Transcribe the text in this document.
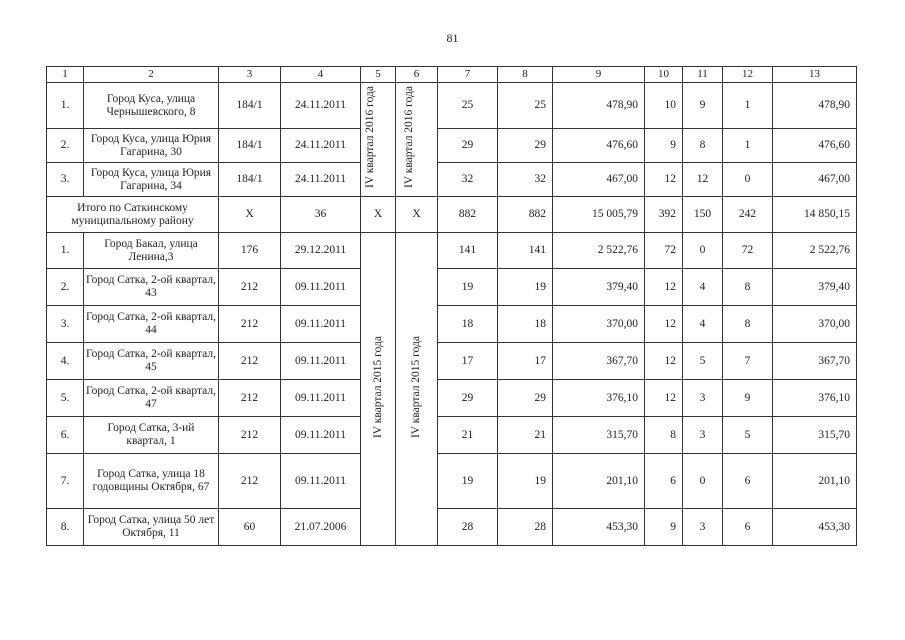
81
1	2	3	4	5	6	7	8	9	10	11	12	13
1.	Город Куса, улица Чернышевского, 8	184/1	24.11.2011	IV квартал 2016 года	IV квартал 2016 года	25	25	478,90	10	9	1	478,90
2.	Город Куса, улица Юрия Гагарина, 30	184/1	24.11.2011			29	29	476,60	9	8	1	476,60
3.	Город Куса, улица Юрия Гагарина, 34	184/1	24.11.2011			32	32	467,00	12	12	0	467,00
Итого по Саткинскому муниципальному району		Х	36	Х	Х	882	882	15 005,79	392	150	242	14 850,15
1.	Город Бакал, улица Ленина,3	176	29.12.2011	IV квартал 2015 года	IV квартал 2015 года	141	141	2 522,76	72	0	72	2 522,76
2.	Город Сатка, 2-ой квартал, 43	212	09.11.2011			19	19	379,40	12	4	8	379,40
3.	Город Сатка, 2-ой квартал, 44	212	09.11.2011			18	18	370,00	12	4	8	370,00
4.	Город Сатка, 2-ой квартал, 45	212	09.11.2011			17	17	367,70	12	5	7	367,70
5.	Город Сатка, 2-ой квартал, 47	212	09.11.2011			29	29	376,10	12	3	9	376,10
6.	Город Сатка, 3-ий квартал, 1	212	09.11.2011			21	21	315,70	8	3	5	315,70
7.	Город Сатка, улица 18 годовщины Октября, 67	212	09.11.2011			19	19	201,10	6	0	6	201,10
8.	Город Сатка, улица 50 лет Октября, 11	60	21.07.2006			28	28	453,30	9	3	6	453,30
